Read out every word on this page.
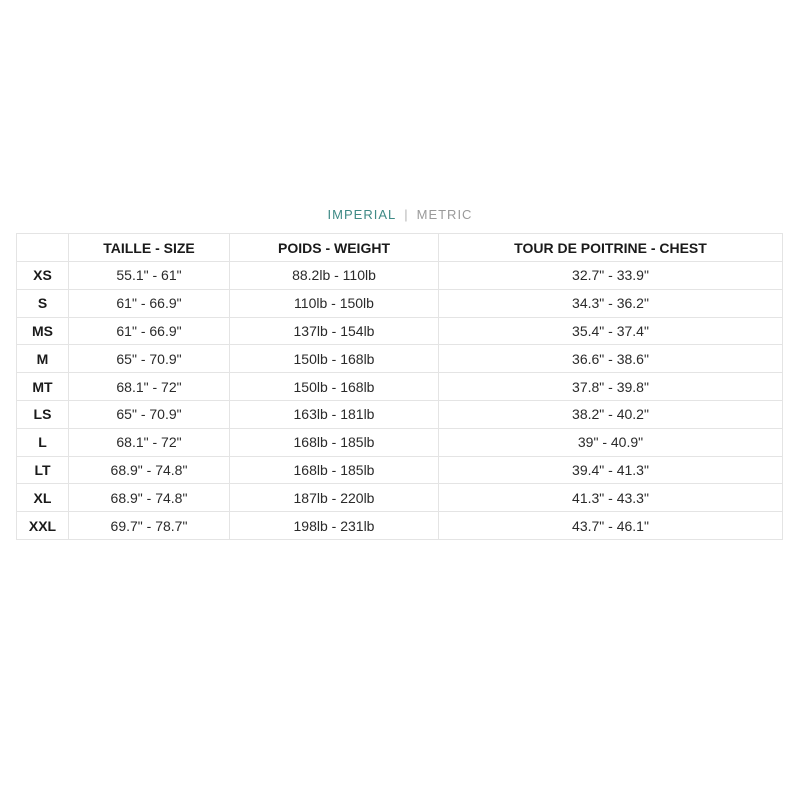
IMPERIAL | METRIC
	TAILLE - SIZE	POIDS - WEIGHT	TOUR DE POITRINE - CHEST
XS	55.1" - 61"	88.2lb - 110lb	32.7" - 33.9"
S	61" - 66.9"	110lb - 150lb	34.3" - 36.2"
MS	61" - 66.9"	137lb - 154lb	35.4" - 37.4"
M	65" - 70.9"	150lb - 168lb	36.6" - 38.6"
MT	68.1" - 72"	150lb - 168lb	37.8" - 39.8"
LS	65" - 70.9"	163lb - 181lb	38.2" - 40.2"
L	68.1" - 72"	168lb - 185lb	39" - 40.9"
LT	68.9" - 74.8"	168lb - 185lb	39.4" - 41.3"
XL	68.9" - 74.8"	187lb - 220lb	41.3" - 43.3"
XXL	69.7" - 78.7"	198lb - 231lb	43.7" - 46.1"
